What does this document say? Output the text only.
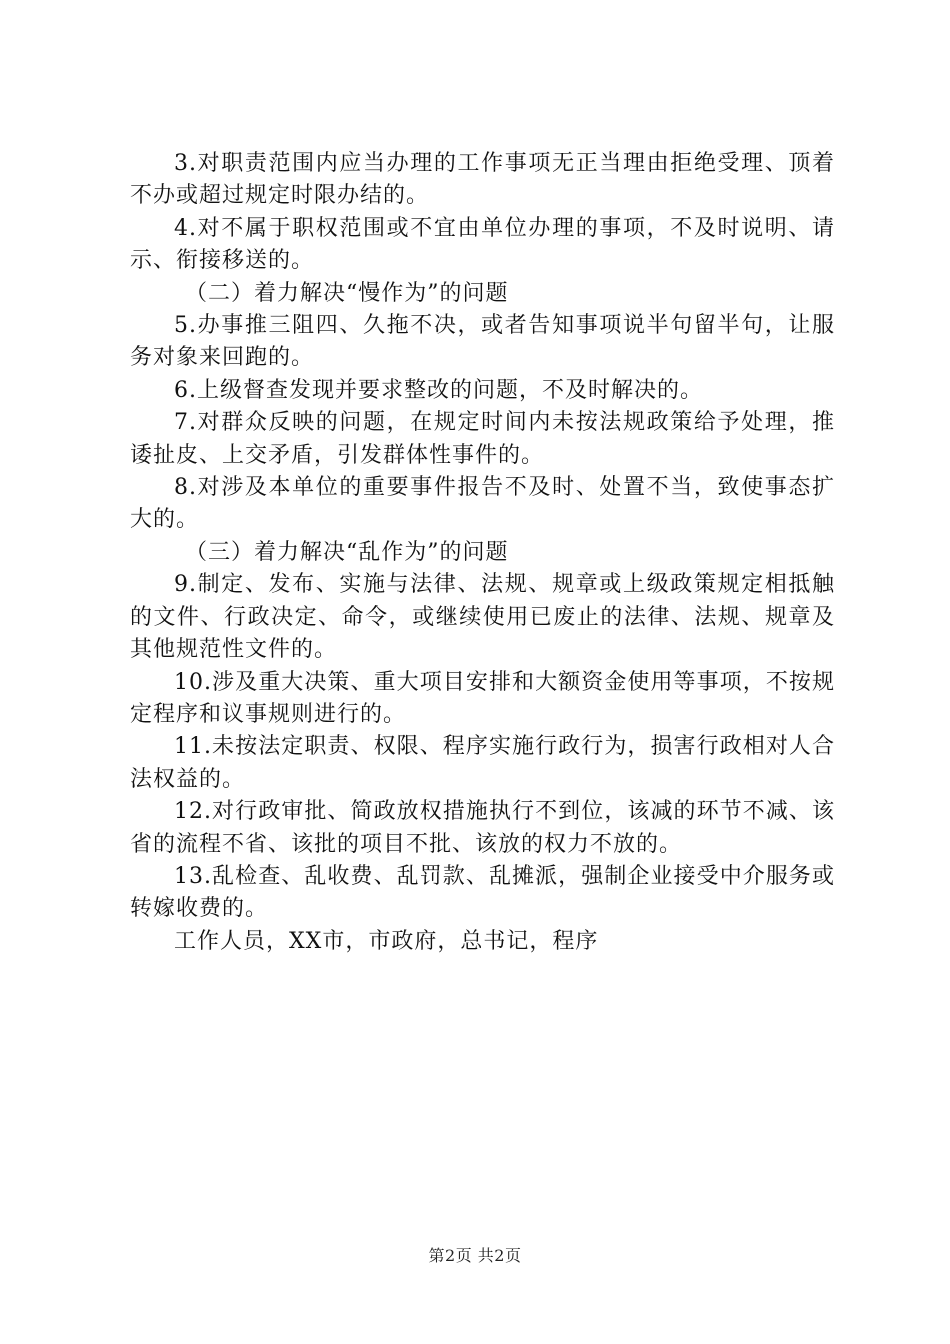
3.对职责范围内应当办理的工作事项无正当理由拒绝受理、顶着不办或超过规定时限办结的。

4.对不属于职权范围或不宜由单位办理的事项，不及时说明、请示、衔接移送的。

（二）着力解决“慢作为”的问题

5.办事推三阻四、久拖不决，或者告知事项说半句留半句，让服务对象来回跑的。

6.上级督查发现并要求整改的问题，不及时解决的。

7.对群众反映的问题，在规定时间内未按法规政策给予处理，推诿扯皮、上交矛盾，引发群体性事件的。

8.对涉及本单位的重要事件报告不及时、处置不当，致使事态扩大的。

（三）着力解决“乱作为”的问题

9.制定、发布、实施与法律、法规、规章或上级政策规定相抵触的文件、行政决定、命令，或继续使用已废止的法律、法规、规章及其他规范性文件的。

10.涉及重大决策、重大项目安排和大额资金使用等事项，不按规定程序和议事规则进行的。

11.未按法定职责、权限、程序实施行政行为，损害行政相对人合法权益的。

12.对行政审批、简政放权措施执行不到位，该减的环节不减、该省的流程不省、该批的项目不批、该放的权力不放的。

13.乱检查、乱收费、乱罚款、乱摊派，强制企业接受中介服务或转嫁收费的。

工作人员，XX市，市政府，总书记，程序

第2页 共2页
